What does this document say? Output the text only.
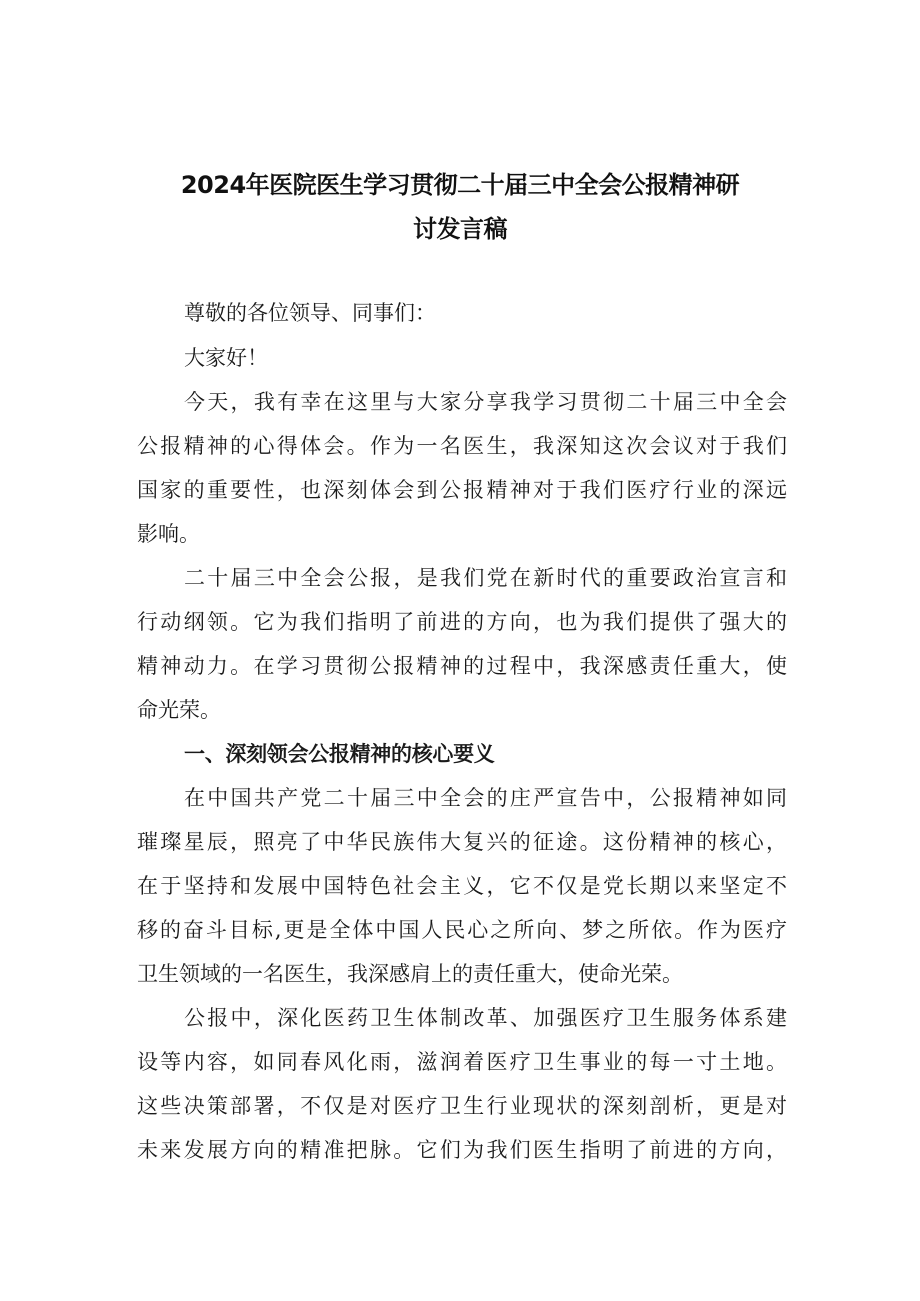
2024年医院医生学习贯彻二十届三中全会公报精神研
讨发言稿
尊敬的各位领导、同事们：
大家好！
今天，我有幸在这里与大家分享我学习贯彻二十届三中全会
公报精神的心得体会。作为一名医生，我深知这次会议对于我们
国家的重要性，也深刻体会到公报精神对于我们医疗行业的深远
影响。
二十届三中全会公报，是我们党在新时代的重要政治宣言和
行动纲领。它为我们指明了前进的方向，也为我们提供了强大的
精神动力。在学习贯彻公报精神的过程中，我深感责任重大，使
命光荣。
一、深刻领会公报精神的核心要义
在中国共产党二十届三中全会的庄严宣告中，公报精神如同
璀璨星辰，照亮了中华民族伟大复兴的征途。这份精神的核心，
在于坚持和发展中国特色社会主义，它不仅是党长期以来坚定不
移的奋斗目标,更是全体中国人民心之所向、梦之所依。作为医疗
卫生领域的一名医生，我深感肩上的责任重大，使命光荣。
公报中，深化医药卫生体制改革、加强医疗卫生服务体系建
设等内容，如同春风化雨，滋润着医疗卫生事业的每一寸土地。
这些决策部署，不仅是对医疗卫生行业现状的深刻剖析，更是对
未来发展方向的精准把脉。它们为我们医生指明了前进的方向，
